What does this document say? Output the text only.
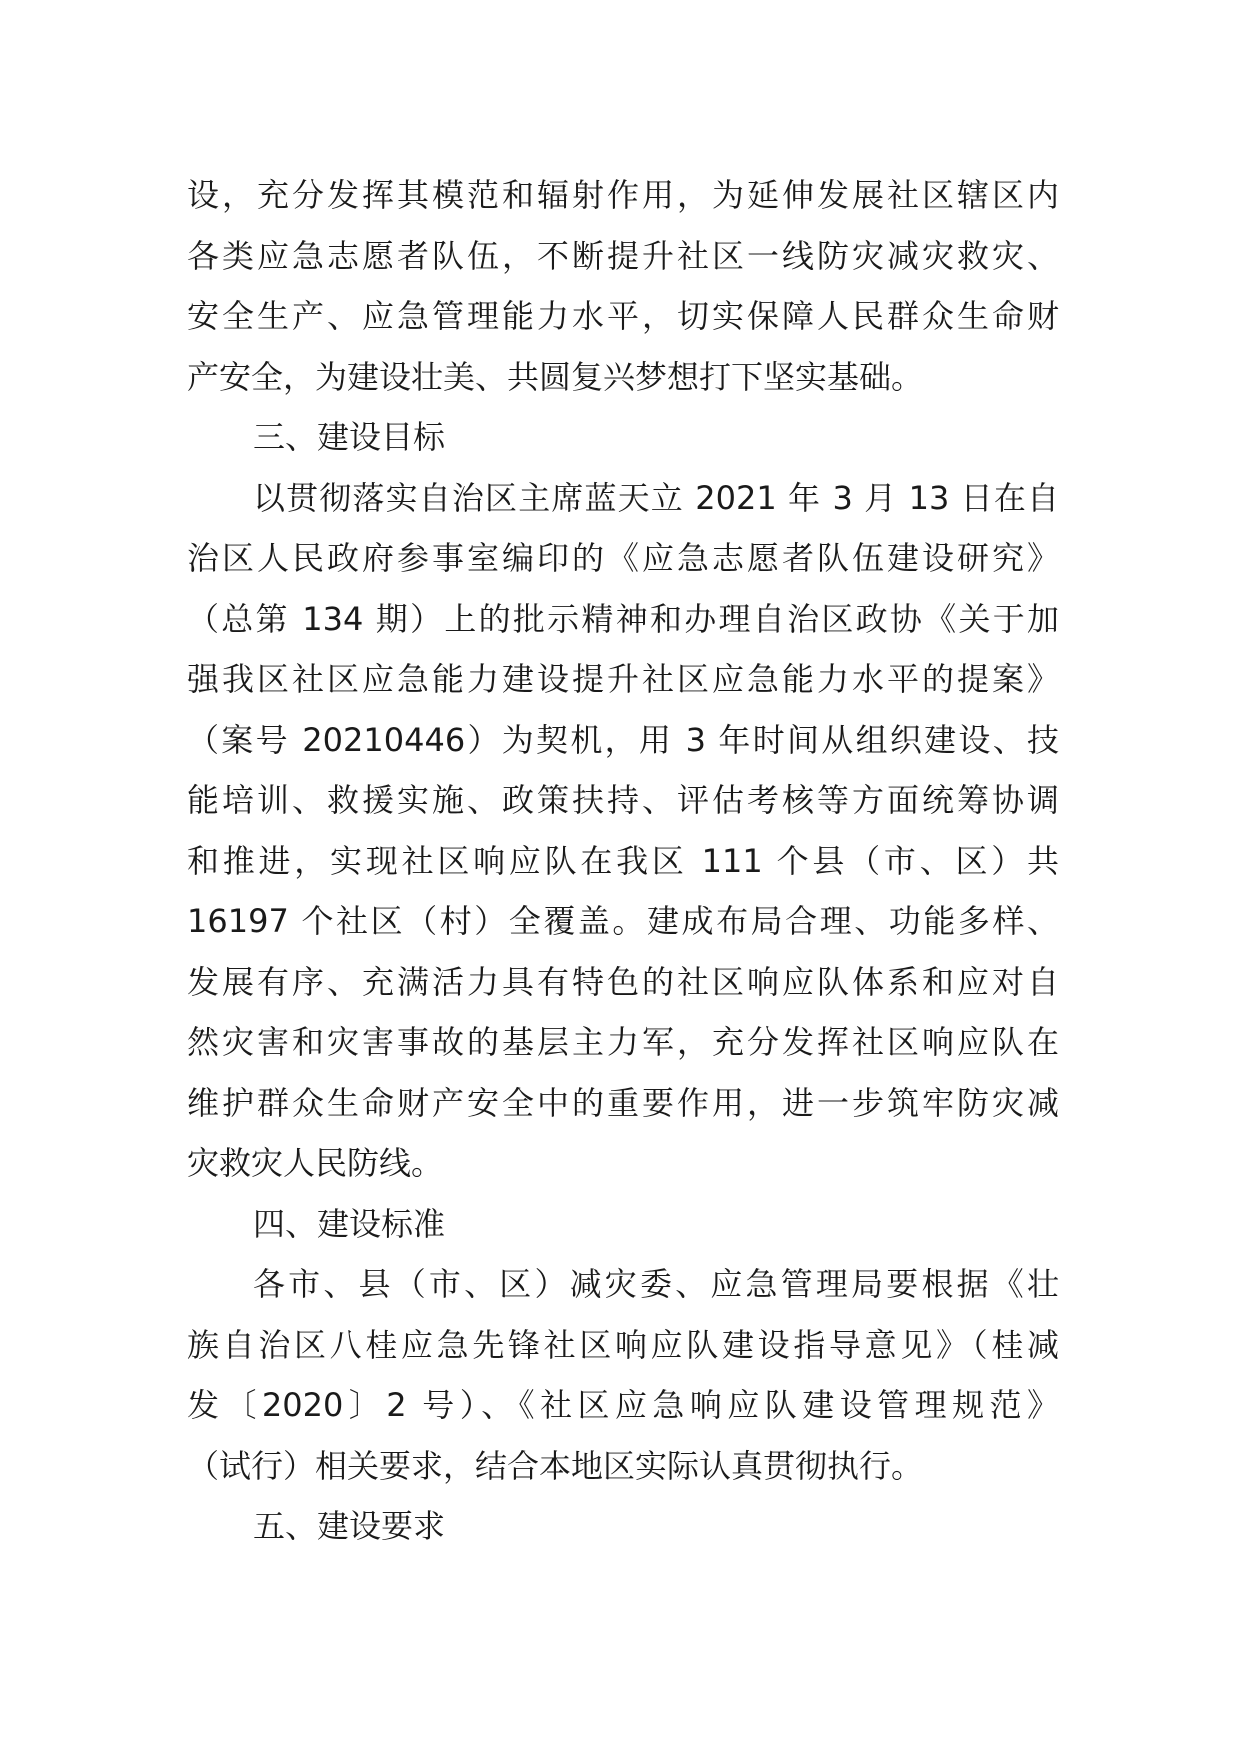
设，充分发挥其模范和辐射作用，为延伸发展社区辖区内
各类应急志愿者队伍，不断提升社区一线防灾减灾救灾、
安全生产、应急管理能力水平，切实保障人民群众生命财
产安全，为建设壮美、共圆复兴梦想打下坚实基础。

三、建设目标

以贯彻落实自治区主席蓝天立 2021 年 3 月 13 日在自
治区人民政府参事室编印的《应急志愿者队伍建设研究》
（总第 134 期）上的批示精神和办理自治区政协《关于加
强我区社区应急能力建设提升社区应急能力水平的提案》
（案号 20210446）为契机，用 3 年时间从组织建设、技
能培训、救援实施、政策扶持、评估考核等方面统筹协调
和推进，实现社区响应队在我区 111 个县（市、区）共
16197 个社区（村）全覆盖。建成布局合理、功能多样、
发展有序、充满活力具有特色的社区响应队体系和应对自
然灾害和灾害事故的基层主力军，充分发挥社区响应队在
维护群众生命财产安全中的重要作用，进一步筑牢防灾减
灾救灾人民防线。

四、建设标准

各市、县（市、区）减灾委、应急管理局要根据《壮
族自治区八桂应急先锋社区响应队建设指导意见》（桂减
发〔2020〕2 号）、《社区应急响应队建设管理规范》
（试行）相关要求，结合本地区实际认真贯彻执行。

五、建设要求
